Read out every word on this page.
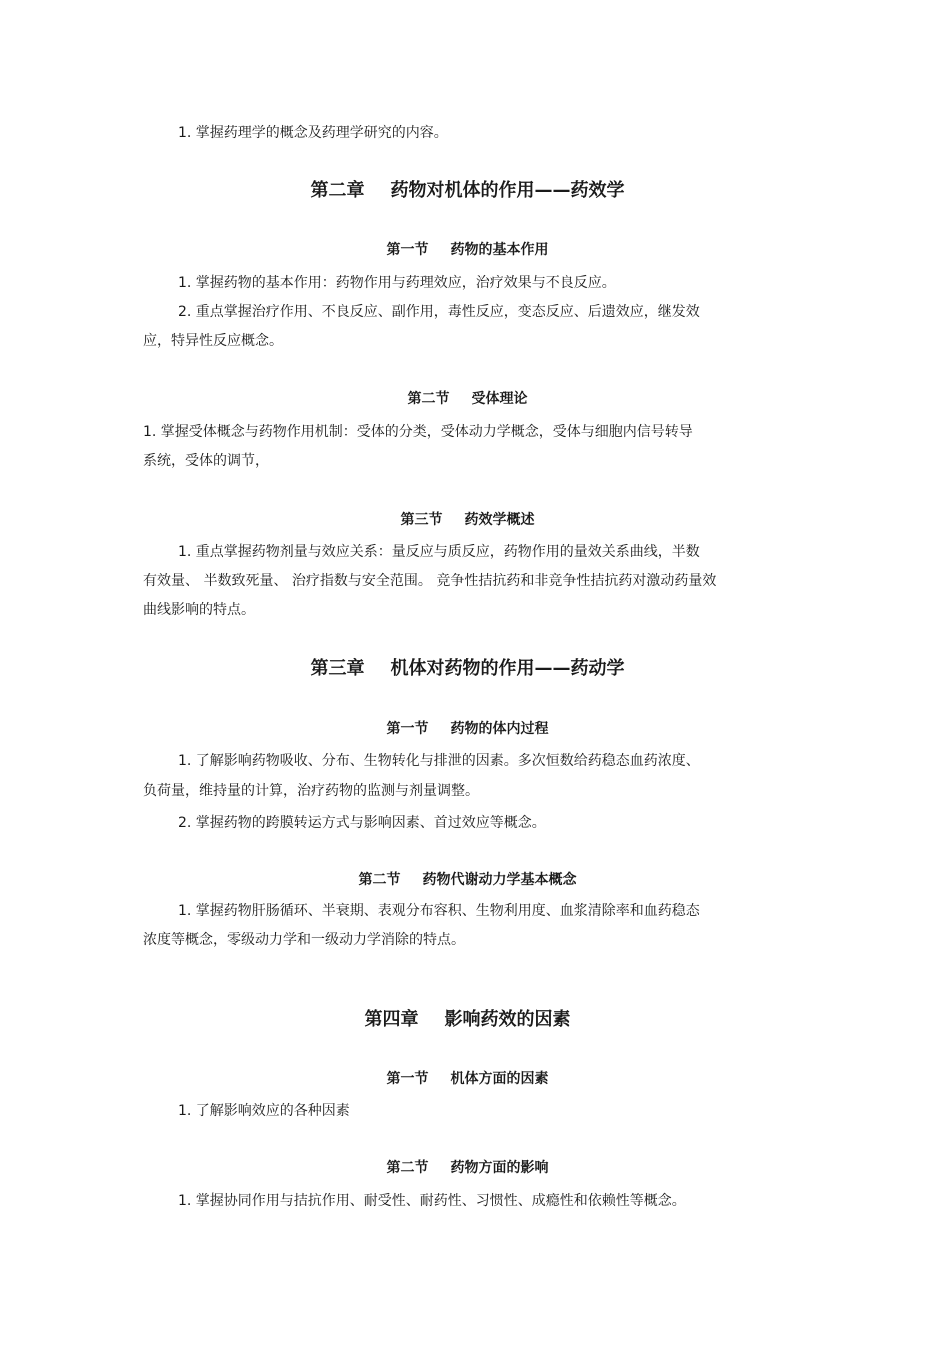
1. 掌握药理学的概念及药理学研究的内容。

第二章 药物对机体的作用——药效学
第一节 药物的基本作用

1. 掌握药物的基本作用：药物作用与药理效应，治疗效果与不良反应。

2. 重点掌握治疗作用、不良反应、副作用，毒性反应，变态反应、后遗效应，继发效

应，特异性反应概念。

第二节 受体理论

1. 掌握受体概念与药物作用机制：受体的分类，受体动力学概念，受体与细胞内信号转导

系统，受体的调节，

第三节 药效学概述

1. 重点掌握药物剂量与效应关系：量反应与质反应，药物作用的量效关系曲线，半数

有效量、 半数致死量、 治疗指数与安全范围。 竞争性拮抗药和非竞争性拮抗药对激动药量效

曲线影响的特点。

第三章 机体对药物的作用——药动学
第一节 药物的体内过程

1. 了解影响药物吸收、分布、生物转化与排泄的因素。多次恒数给药稳态血药浓度、

负荷量，维持量的计算，治疗药物的监测与剂量调整。

2. 掌握药物的跨膜转运方式与影响因素、首过效应等概念。

第二节 药物代谢动力学基本概念

1. 掌握药物肝肠循环、半衰期、表观分布容积、生物利用度、血浆清除率和血药稳态

浓度等概念，零级动力学和一级动力学消除的特点。

第四章 影响药效的因素
第一节 机体方面的因素

1. 了解影响效应的各种因素

第二节 药物方面的影响

1. 掌握协同作用与拮抗作用、耐受性、耐药性、习惯性、成瘾性和依赖性等概念。
